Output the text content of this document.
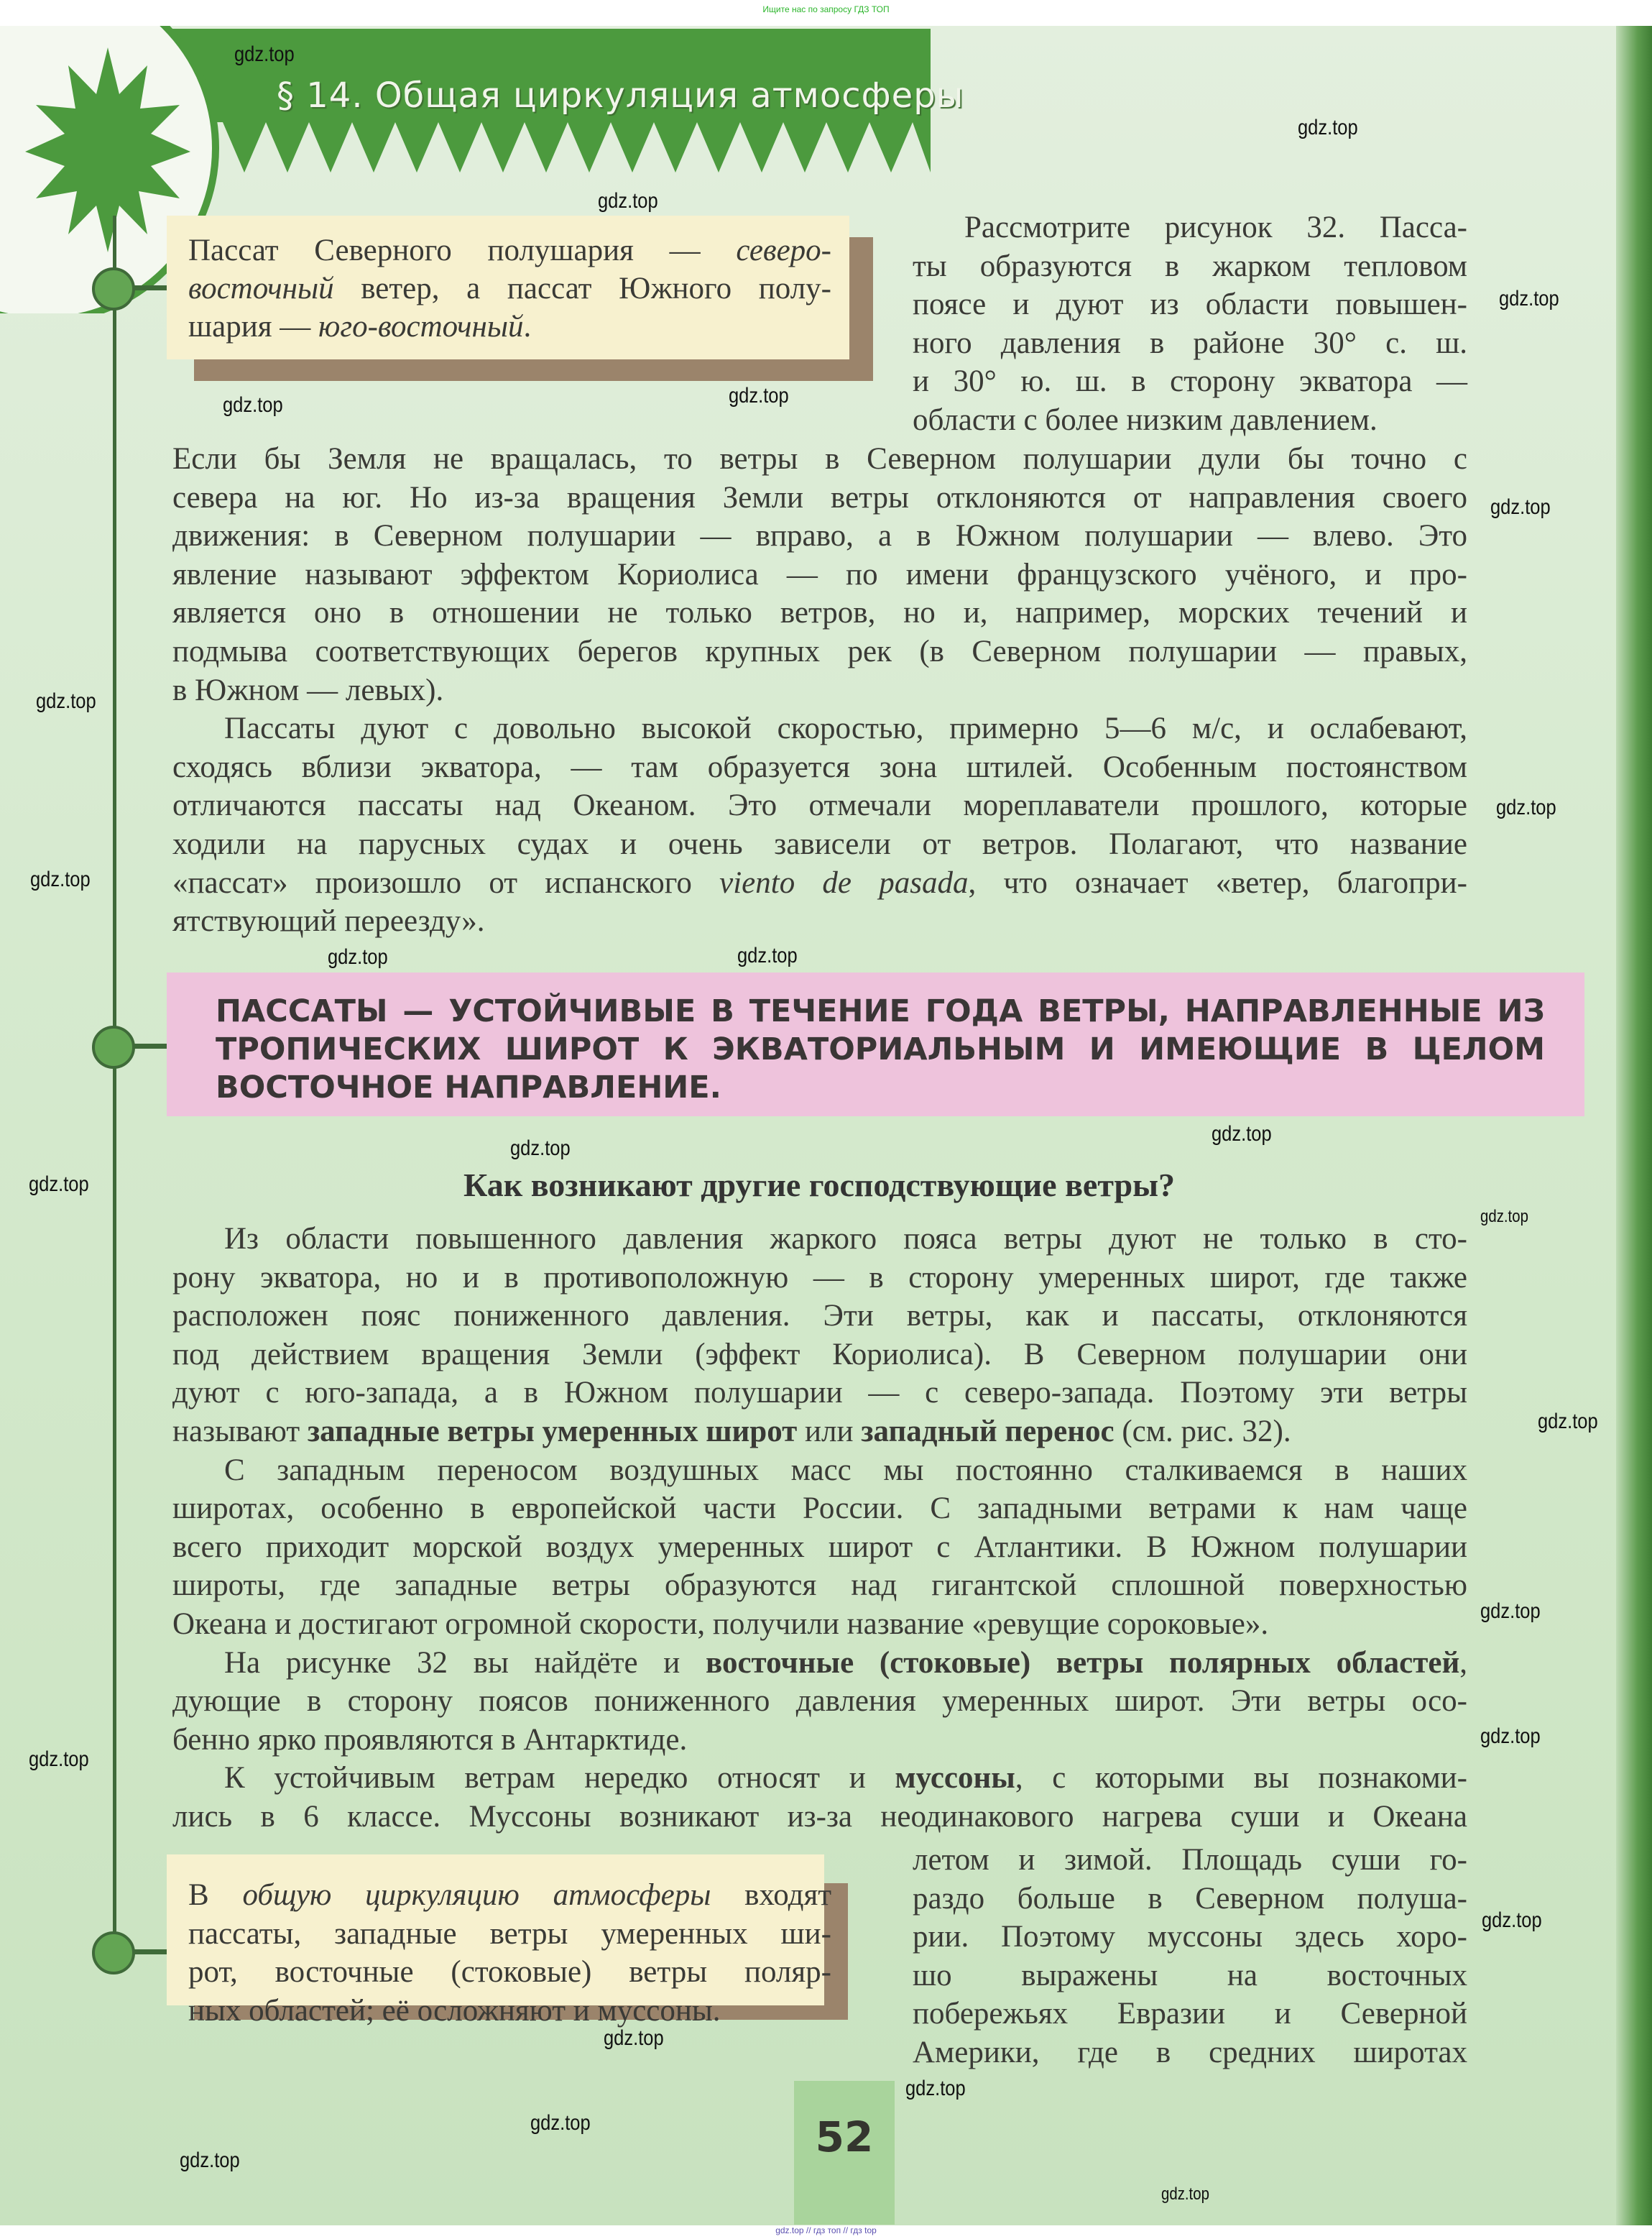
Ищите нас по запросу ГДЗ ТОП
§ 14. Общая циркуляция атмосферы
Как возникают другие господствующие ветры?
52
Пассат Северного полушария — северо-
восточный ветер, а пассат Южного полу-
шария — юго-восточный.
Рассмотрите рисунок 32. Пасса-
ты образуются в жарком тепловом
поясе и дуют из области повышен-
ного давления в районе 30° с. ш.
и 30° ю. ш. в сторону экватора —
области с более низким давлением.
Если бы Земля не вращалась, то ветры в Северном полушарии дули бы точно с
севера на юг. Но из-за вращения Земли ветры отклоняются от направления своего
движения: в Северном полушарии — вправо, а в Южном полушарии — влево. Это
явление называют эффектом Кориолиса — по имени французского учёного, и про-
является оно в отношении не только ветров, но и, например, морских течений и
подмыва соответствующих берегов крупных рек (в Северном полушарии — правых,
в Южном — левых).
Пассаты дуют с довольно высокой скоростью, примерно 5—6 м/с, и ослабевают,
сходясь вблизи экватора, — там образуется зона штилей. Особенным постоянством
отличаются пассаты над Океаном. Это отмечали мореплаватели прошлого, которые
ходили на парусных судах и очень зависели от ветров. Полагают, что название
«пассат» произошло от испанского viento de pasada, что означает «ветер, благопри-
ятствующий переезду».
Из области повышенного давления жаркого пояса ветры дуют не только в сто-
рону экватора, но и в противоположную — в сторону умеренных широт, где также
расположен пояс пониженного давления. Эти ветры, как и пассаты, отклоняются
под действием вращения Земли (эффект Кориолиса). В Северном полушарии они
дуют с юго-запада, а в Южном полушарии — с северо-запада. Поэтому эти ветры
называют западные ветры умеренных широт или западный перенос (см. рис. 32).
С западным переносом воздушных масс мы постоянно сталкиваемся в наших
широтах, особенно в европейской части России. С западными ветрами к нам чаще
всего приходит морской воздух умеренных широт с Атлантики. В Южном полушарии
широты, где западные ветры образуются над гигантской сплошной поверхностью
Океана и достигают огромной скорости, получили название «ревущие сороковые».
На рисунке 32 вы найдёте и восточные (стоковые) ветры полярных областей,
дующие в сторону поясов пониженного давления умеренных широт. Эти ветры осо-
бенно ярко проявляются в Антарктиде.
К устойчивым ветрам нередко относят и муссоны, с которыми вы познакоми-
лись в 6 классе. Муссоны возникают из-за неодинакового нагрева суши и Океана
летом и зимой. Площадь суши го-
раздо больше в Северном полуша-
рии. Поэтому муссоны здесь хоро-
шо выражены на восточных
побережьях Евразии и Северной
Америки, где в средних широтах
В общую циркуляцию атмосферы входят
пассаты, западные ветры умеренных ши-
рот, восточные (стоковые) ветры поляр-
ных областей; её осложняют и муссоны.
ПАССАТЫ — УСТОЙЧИВЫЕ В ТЕЧЕНИЕ ГОДА ВЕТРЫ, НАПРАВЛЕННЫЕ ИЗ
ТРОПИЧЕСКИХ ШИРОТ К ЭКВАТОРИАЛЬНЫМ И ИМЕЮЩИЕ В ЦЕЛОМ
ВОСТОЧНОЕ НАПРАВЛЕНИЕ.
gdz.top
gdz.top
gdz.top
gdz.top
gdz.top
gdz.top
gdz.top
gdz.top
gdz.top
gdz.top
gdz.top
gdz.top
gdz.top
gdz.top
gdz.top
gdz.top
gdz.top
gdz.top
gdz.top
gdz.top
gdz.top
gdz.top
gdz.top
gdz.top
gdz.top
gdz.top
gdz.top // гдз топ // гдз top
